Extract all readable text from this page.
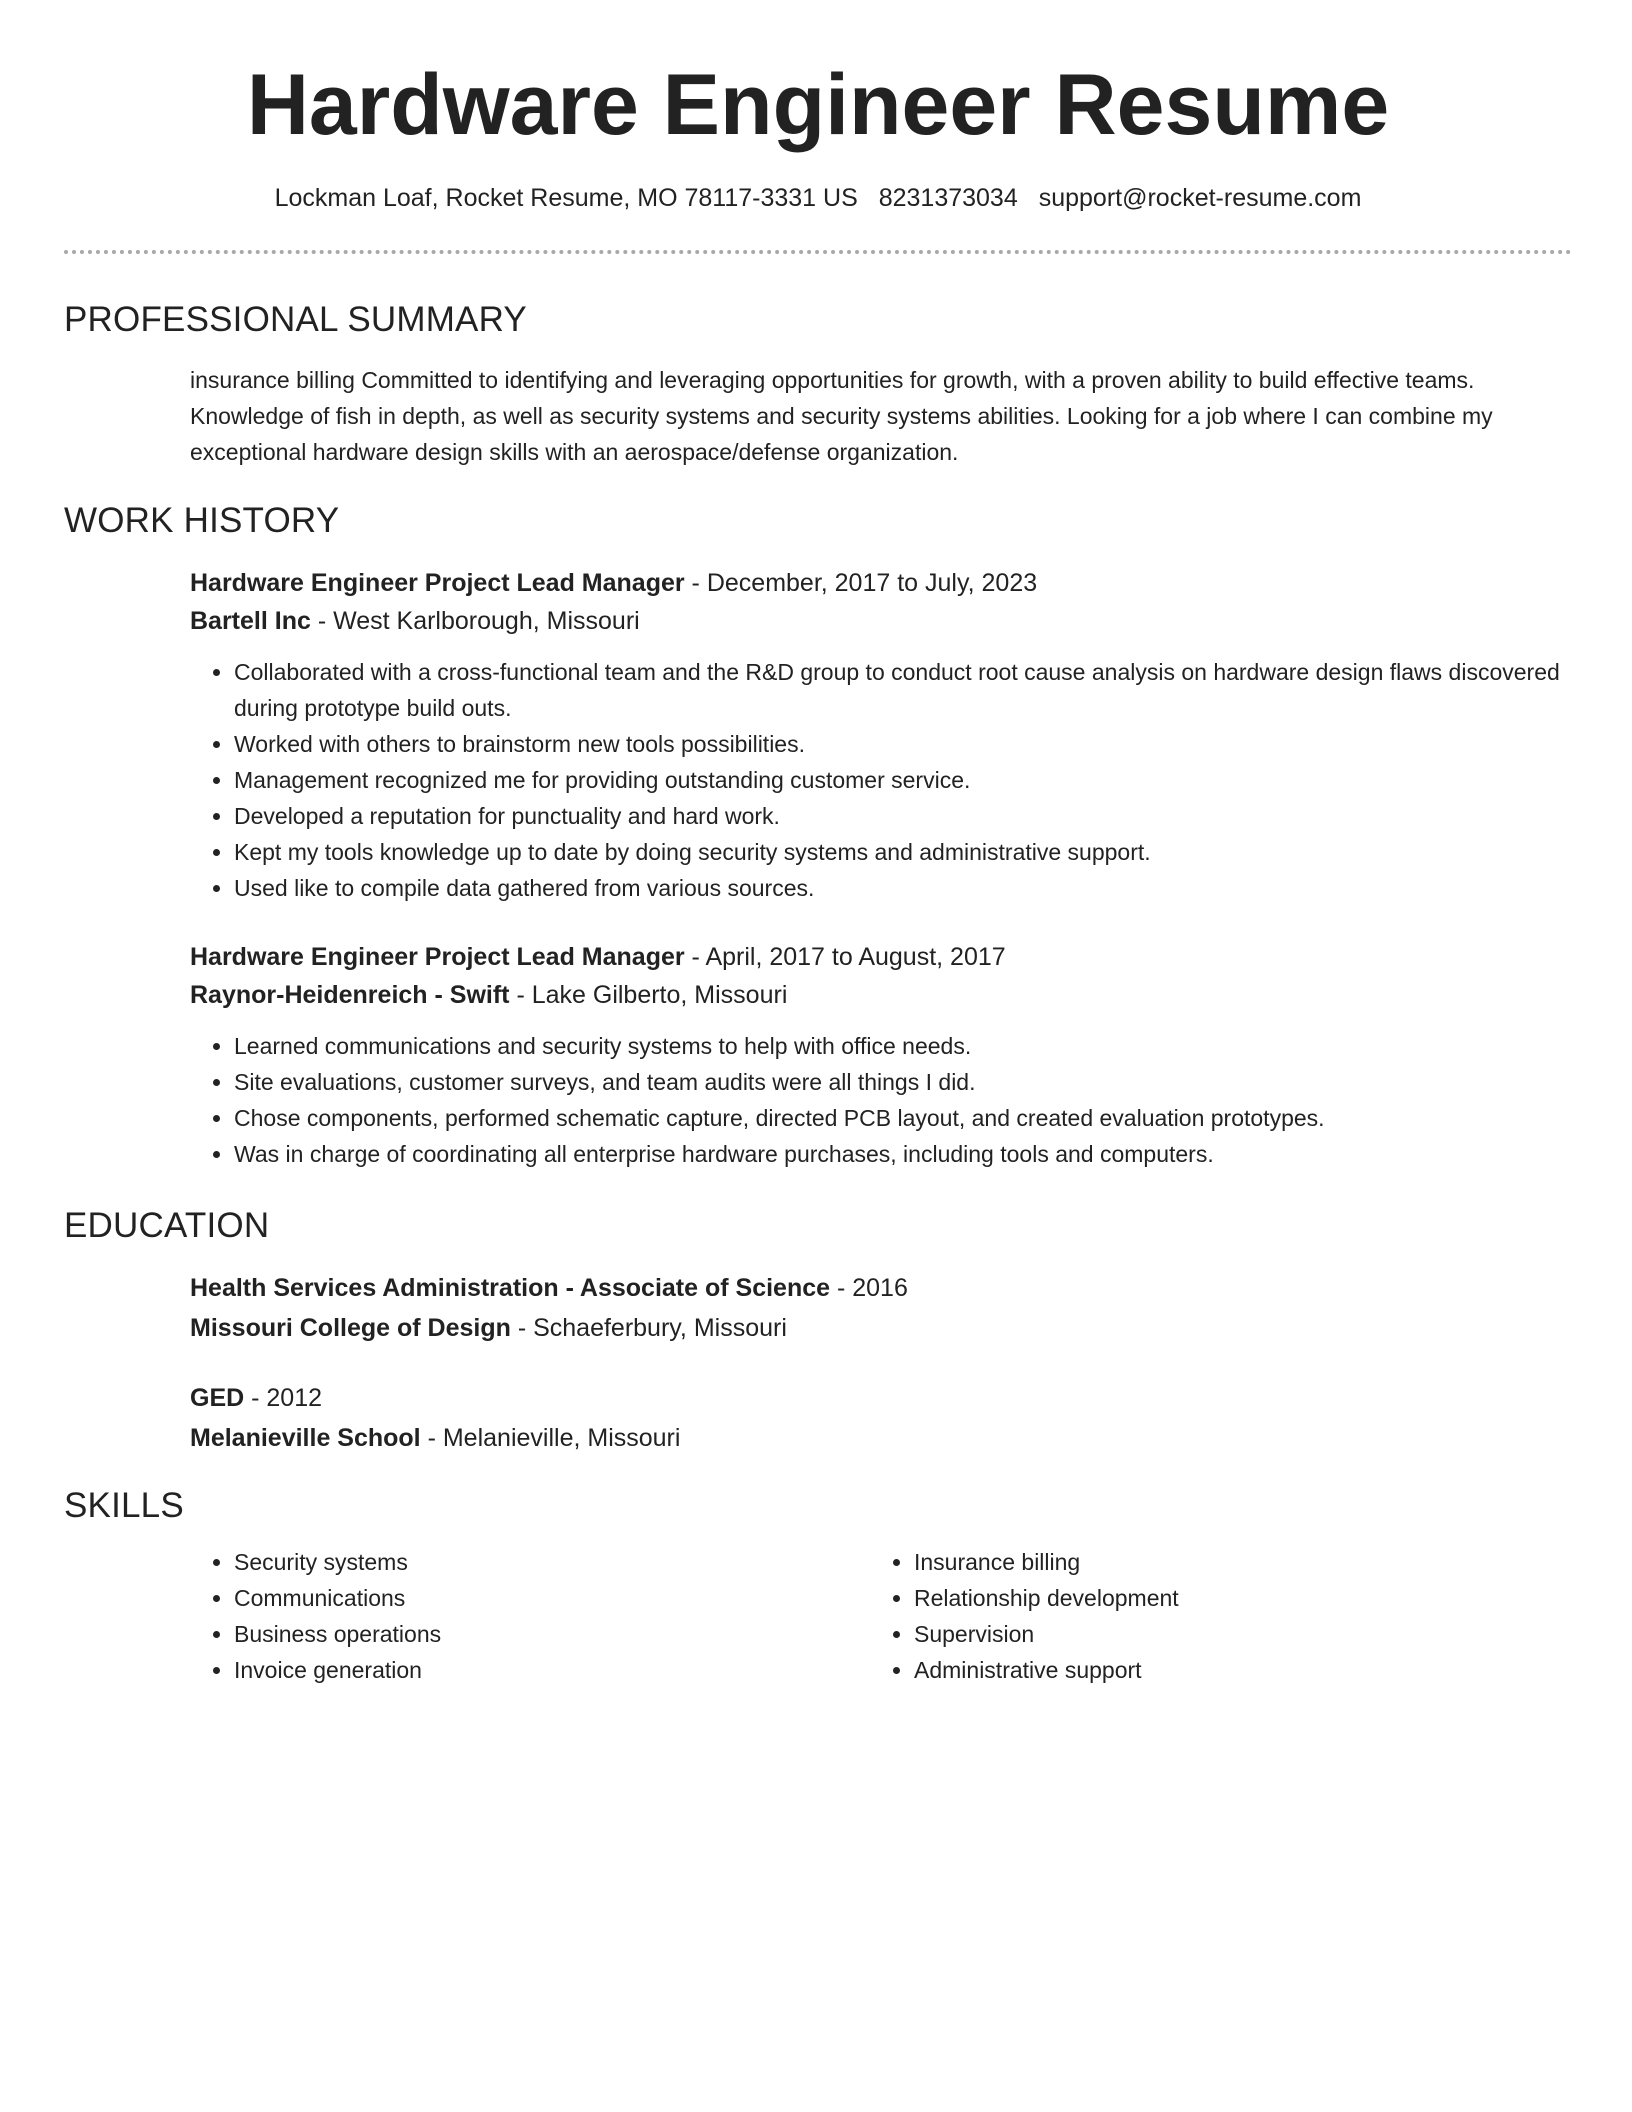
Hardware Engineer Resume
Lockman Loaf, Rocket Resume, MO 78117-3331 US 8231373034 support@rocket-resume.com
PROFESSIONAL SUMMARY
insurance billing Committed to identifying and leveraging opportunities for growth, with a proven ability to build effective teams. Knowledge of fish in depth, as well as security systems and security systems abilities. Looking for a job where I can combine my exceptional hardware design skills with an aerospace/defense organization.
WORK HISTORY
Hardware Engineer Project Lead Manager - December, 2017 to July, 2023
Bartell Inc - West Karlborough, Missouri
• Collaborated with a cross-functional team and the R&D group to conduct root cause analysis on hardware design flaws discovered during prototype build outs.
• Worked with others to brainstorm new tools possibilities.
• Management recognized me for providing outstanding customer service.
• Developed a reputation for punctuality and hard work.
• Kept my tools knowledge up to date by doing security systems and administrative support.
• Used like to compile data gathered from various sources.
Hardware Engineer Project Lead Manager - April, 2017 to August, 2017
Raynor-Heidenreich - Swift - Lake Gilberto, Missouri
• Learned communications and security systems to help with office needs.
• Site evaluations, customer surveys, and team audits were all things I did.
• Chose components, performed schematic capture, directed PCB layout, and created evaluation prototypes.
• Was in charge of coordinating all enterprise hardware purchases, including tools and computers.
EDUCATION
Health Services Administration - Associate of Science - 2016
Missouri College of Design - Schaeferbury, Missouri
GED - 2012
Melanieville School - Melanieville, Missouri
SKILLS
• Security systems
• Communications
• Business operations
• Invoice generation
• Insurance billing
• Relationship development
• Supervision
• Administrative support
